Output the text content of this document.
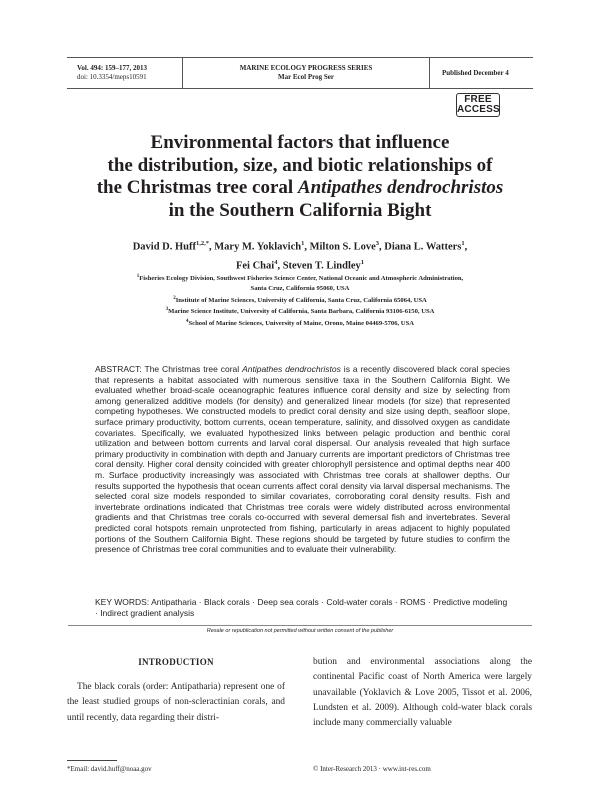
Vol. 494: 159–177, 2013
doi: 10.3354/meps10591
MARINE ECOLOGY PROGRESS SERIES
Mar Ecol Prog Ser
Published December 4
FREE
ACCESS
Environmental factors that influence
the distribution, size, and biotic relationships of
the Christmas tree coral Antipathes dendrochristos
in the Southern California Bight
David D. Huff$^{1,2,*}$, Mary M. Yoklavich$^1$, Milton S. Love$^3$, Diana L. Watters$^1$,
Fei Chai$^4$, Steven T. Lindley$^1$
$^1$Fisheries Ecology Division, Southwest Fisheries Science Center, National Oceanic and Atmospheric Administration,
Santa Cruz, California 95060, USA
$^2$Institute of Marine Sciences, University of California, Santa Cruz, California 65064, USA
$^3$Marine Science Institute, University of California, Santa Barbara, California 93106-6150, USA
$^4$School of Marine Sciences, University of Maine, Orono, Maine 04469-5706, USA
ABSTRACT: The Christmas tree coral Antipathes dendrochristos is a recently discovered black coral species that represents a habitat associated with numerous sensitive taxa in the Southern California Bight. We evaluated whether broad-scale oceanographic features influence coral density and size by selecting from among generalized additive models (for density) and generalized linear models (for size) that represented competing hypotheses. We constructed models to predict coral density and size using depth, seafloor slope, surface primary productivity, bottom currents, ocean temperature, salinity, and dissolved oxygen as candidate covariates. Specifically, we evaluated hypothesized links between pelagic production and benthic coral utilization and between bottom currents and larval coral dispersal. Our analysis revealed that high surface primary productivity in combination with depth and January currents are important predictors of Christmas tree coral density. Higher coral density coincided with greater chlorophyll persistence and optimal depths near 400 m. Surface productivity increasingly was associated with Christmas tree corals at shallower depths. Our results supported the hypothesis that ocean currents affect coral density via larval dispersal mechanisms. The selected coral size models responded to similar covariates, corroborating coral density results. Fish and invertebrate ordinations indicated that Christmas tree corals were widely distributed across environmental gradients and that Christmas tree corals co-occurred with several demersal fish and invertebrates. Several predicted coral hotspots remain unprotected from fishing, particularly in areas adjacent to highly populated portions of the Southern California Bight. These regions should be targeted by future studies to confirm the presence of Christmas tree coral communities and to evaluate their vulnerability.
KEY WORDS: Antipatharia · Black corals · Deep sea corals · Cold-water corals · ROMS · Predictive modeling · Indirect gradient analysis
Resale or republication not permitted without written consent of the publisher
INTRODUCTION
The black corals (order: Antipatharia) represent one of the least studied groups of non-scleractinian corals, and until recently, data regarding their distri-
bution and environmental associations along the continental Pacific coast of North America were largely unavailable (Yoklavich & Love 2005, Tissot et al. 2006, Lundsten et al. 2009). Although cold-water black corals include many commercially valuable
*Email: david.huff@noaa.gov	© Inter-Research 2013 · www.int-res.com
